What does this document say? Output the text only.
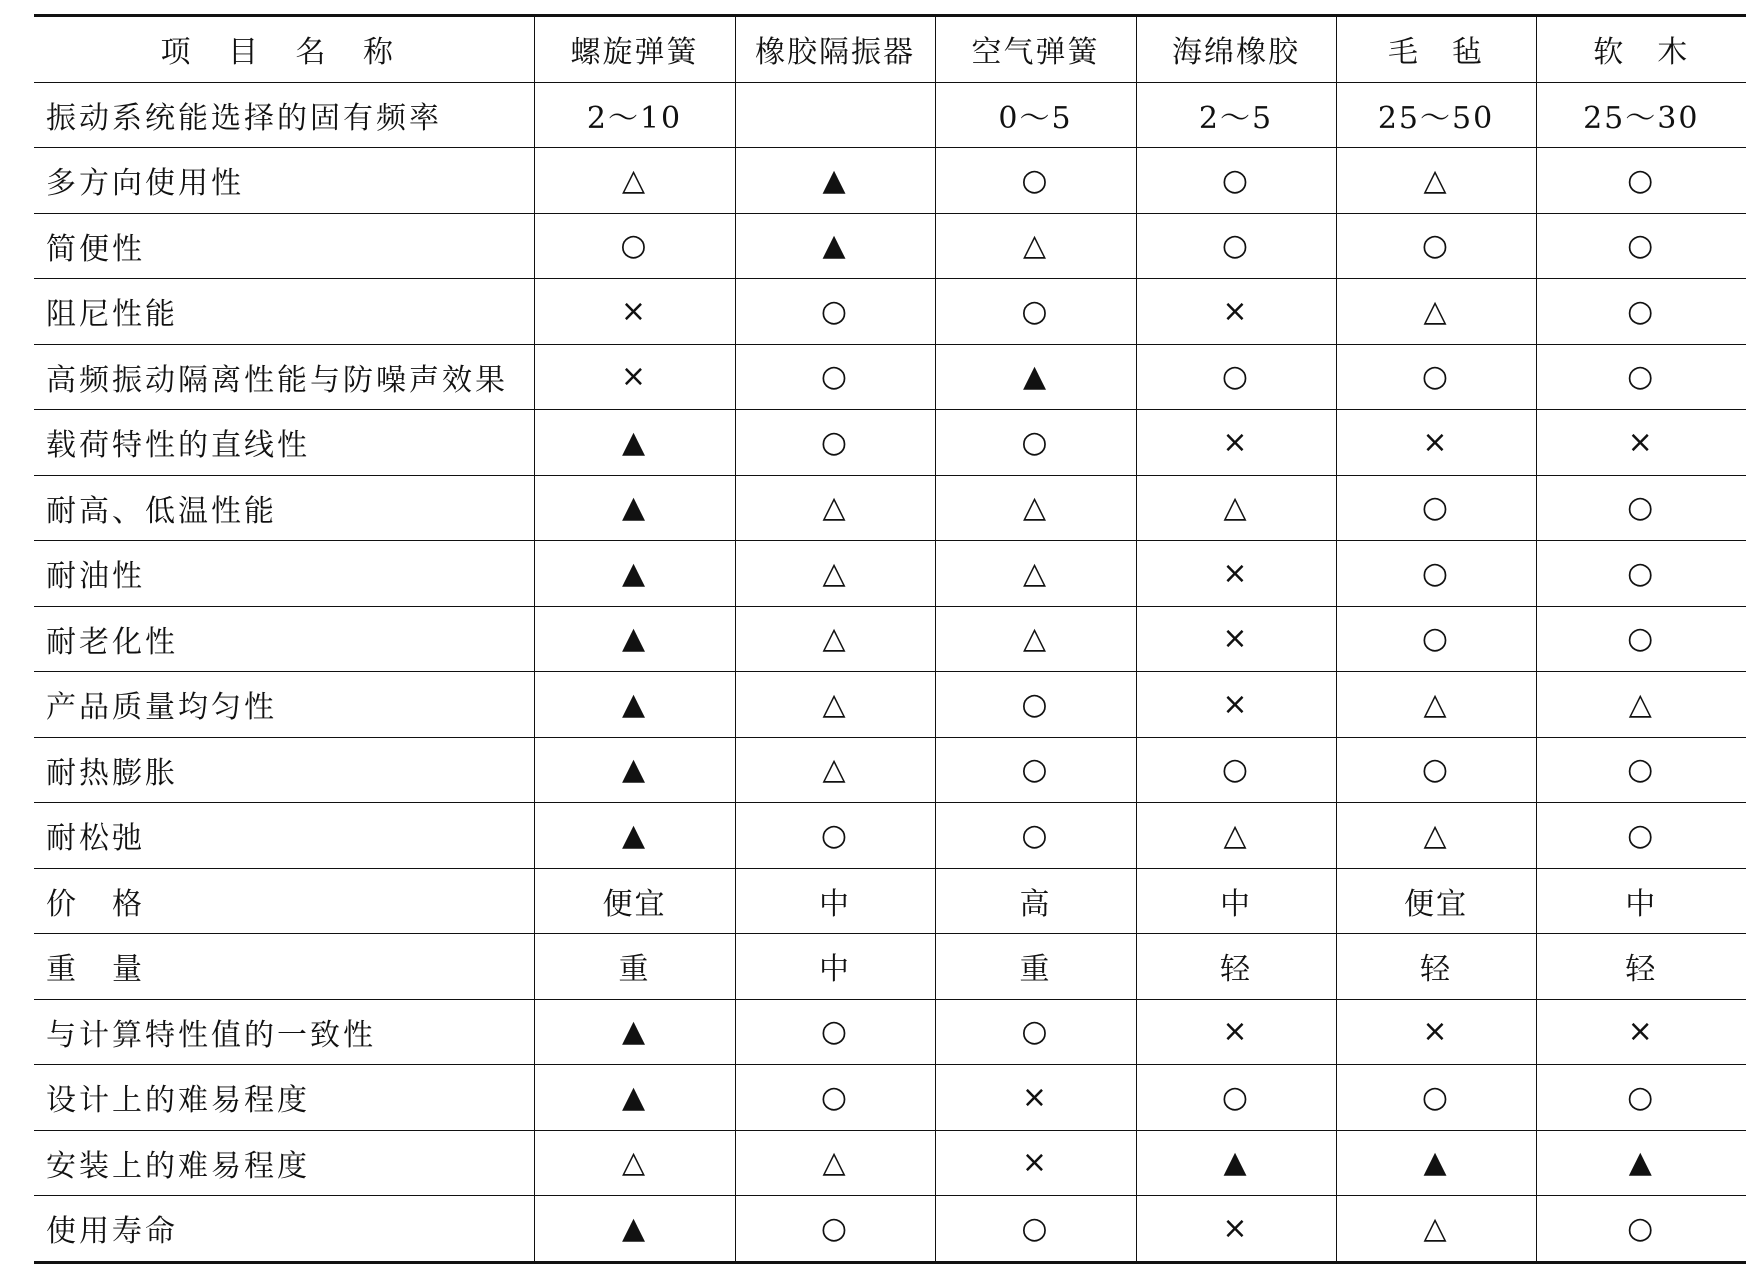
项 目 名 称	螺旋弹簧	橡胶隔振器	空气弹簧	海绵橡胶	毛　毡	软　木
振动系统能选择的固有频率	2～10		0～5	2～5	25～50	25～30
多方向使用性	△	▲	○	○	△	○
简便性	○	▲	△	○	○	○
阻尼性能	×	○	○	×	△	○
高频振动隔离性能与防噪声效果	×	○	▲	○	○	○
载荷特性的直线性	▲	○	○	×	×	×
耐高、低温性能	▲	△	△	△	○	○
耐油性	▲	△	△	×	○	○
耐老化性	▲	△	△	×	○	○
产品质量均匀性	▲	△	○	×	△	△
耐热膨胀	▲	△	○	○	○	○
耐松弛	▲	○	○	△	△	○
价　格	便宜	中	高	中	便宜	中
重　量	重	中	重	轻	轻	轻
与计算特性值的一致性	▲	○	○	×	×	×
设计上的难易程度	▲	○	×	○	○	○
安装上的难易程度	△	△	×	▲	▲	▲
使用寿命	▲	○	○	×	△	○
